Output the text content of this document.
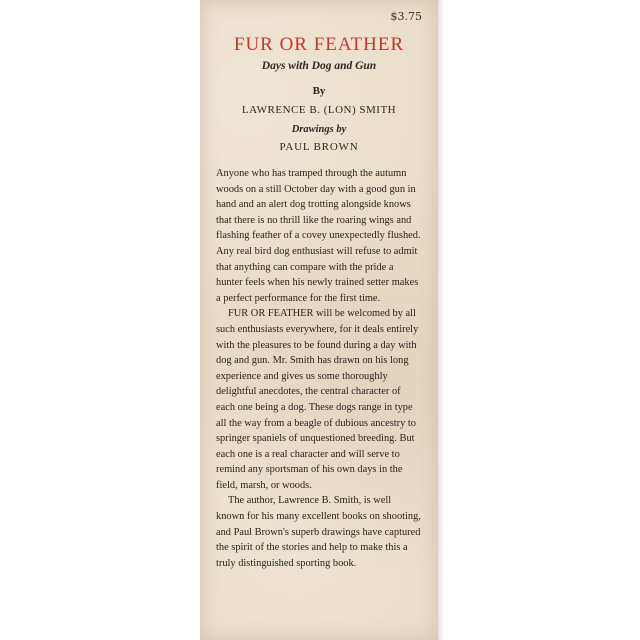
$3.75
FUR OR FEATHER
Days with Dog and Gun
By
LAWRENCE B. (LON) SMITH
Drawings by
PAUL BROWN

Anyone who has tramped through the autumn woods on a still October day with a good gun in hand and an alert dog trotting alongside knows that there is no thrill like the roaring wings and flashing feather of a covey unexpectedly flushed. Any real bird dog enthusiast will refuse to admit that anything can compare with the pride a hunter feels when his newly trained setter makes a perfect performance for the first time.

FUR OR FEATHER will be welcomed by all such enthusiasts everywhere, for it deals entirely with the pleasures to be found during a day with dog and gun. Mr. Smith has drawn on his long experience and gives us some thoroughly delightful anecdotes, the central character of each one being a dog. These dogs range in type all the way from a beagle of dubious ancestry to springer spaniels of unquestioned breeding. But each one is a real character and will serve to remind any sportsman of his own days in the field, marsh, or woods.

The author, Lawrence B. Smith, is well known for his many excellent books on shooting, and Paul Brown's superb drawings have captured the spirit of the stories and help to make this a truly distinguished sporting book.
